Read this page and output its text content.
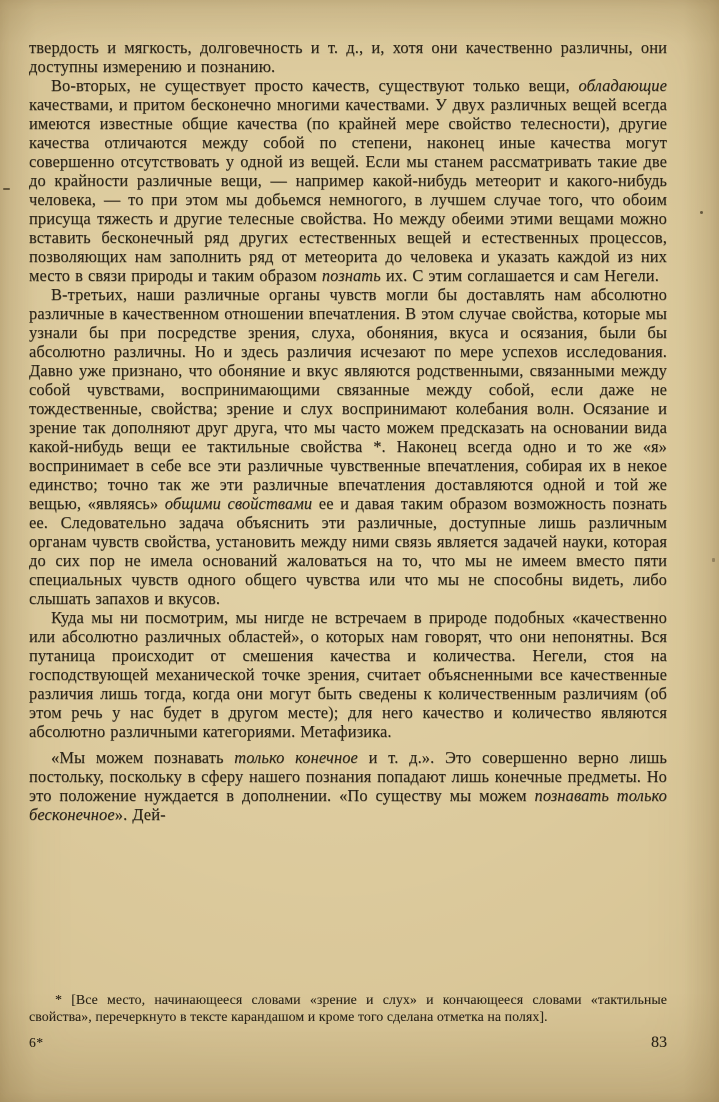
твердость и мягкость, долговечность и т. д., и, хотя они качественно различны, они доступны измерению и познанию.

Во-вторых, не существует просто качеств, существуют только вещи, обладающие качествами, и притом бесконечно многими качествами. У двух различных вещей всегда имеются известные общие качества (по крайней мере свойство телесности), другие качества отличаются между собой по степени, наконец иные качества могут совершенно отсутствовать у одной из вещей. Если мы станем рассматривать такие две до крайности различные вещи, — например какой-нибудь метеорит и какого-нибудь человека, — то при этом мы добьемся немногого, в лучшем случае того, что обоим присуща тяжесть и другие телесные свойства. Но между обеими этими вещами можно вставить бесконечный ряд других естественных вещей и естественных процессов, позволяющих нам заполнить ряд от метеорита до человека и указать каждой из них место в связи природы и таким образом познать их. С этим соглашается и сам Негели.

В-третьих, наши различные органы чувств могли бы доставлять нам абсолютно различные в качественном отношении впечатления. В этом случае свойства, которые мы узнали бы при посредстве зрения, слуха, обоняния, вкуса и осязания, были бы абсолютно различны. Но и здесь различия исчезают по мере успехов исследования. Давно уже признано, что обоняние и вкус являются родственными, связанными между собой чувствами, воспринимающими связанные между собой, если даже не тождественные, свойства; зрение и слух воспринимают колебания волн. Осязание и зрение так дополняют друг друга, что мы часто можем предсказать на основании вида какой-нибудь вещи ее тактильные свойства *. Наконец всегда одно и то же «я» воспринимает в себе все эти различные чувственные впечатления, собирая их в некое единство; точно так же эти различные впечатления доставляются одной и той же вещью, «являясь» общими свойствами ее и давая таким образом возможность познать ее. Следовательно задача объяснить эти различные, доступные лишь различным органам чувств свойства, установить между ними связь является задачей науки, которая до сих пор не имела оснований жаловаться на то, что мы не имеем вместо пяти специальных чувств одного общего чувства или что мы не способны видеть, либо слышать запахов и вкусов.

Куда мы ни посмотрим, мы нигде не встречаем в природе подобных «качественно или абсолютно различных областей», о которых нам говорят, что они непонятны. Вся путаница происходит от смешения качества и количества. Негели, стоя на господствующей механической точке зрения, считает объясненными все качественные различия лишь тогда, когда они могут быть сведены к количественным различиям (об этом речь у нас будет в другом месте); для него качество и количество являются абсолютно различными категориями. Метафизика.

«Мы можем познавать только конечное и т. д.». Это совершенно верно лишь постольку, поскольку в сферу нашего познания попадают лишь конечные предметы. Но это положение нуждается в дополнении. «По существу мы можем познавать только бесконечное». Дей-

* [Все место, начинающееся словами «зрение и слух» и кончающееся словами «тактильные свойства», перечеркнуто в тексте карандашом и кроме того сделана отметка на полях].
6*	83
